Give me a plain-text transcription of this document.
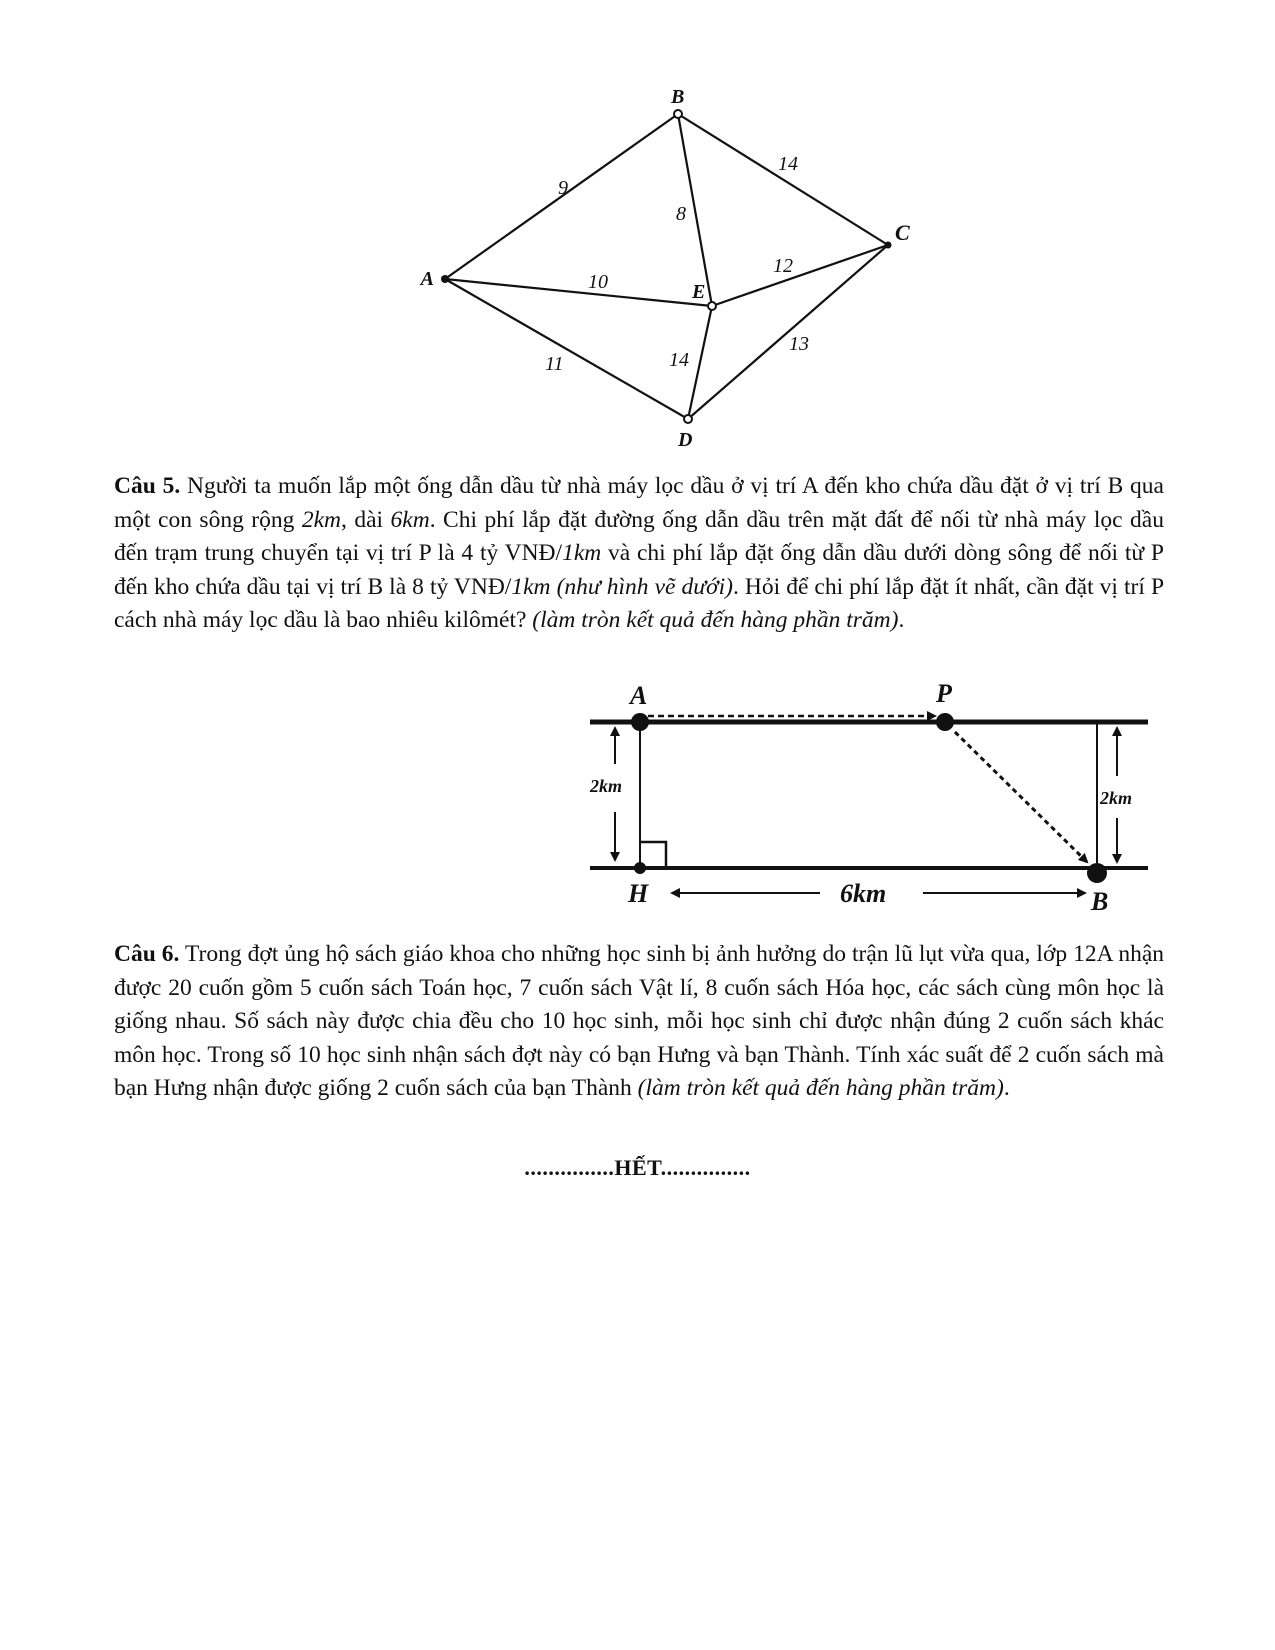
B
C
A
E
D
9
14
8
10
12
11	14
13
Câu 5. Người ta muốn lắp một ống dẫn dầu từ nhà máy lọc dầu ở vị trí A đến kho chứa dầu đặt ở vị trí B qua một con sông rộng 2km, dài 6km. Chi phí lắp đặt đường ống dẫn dầu trên mặt đất để nối từ nhà máy lọc dầu đến trạm trung chuyển tại vị trí P là 4 tỷ VNĐ/1km và chi phí lắp đặt ống dẫn dầu dưới dòng sông để nối từ P đến kho chứa dầu tại vị trí B là 8 tỷ VNĐ/1km (như hình vẽ dưới). Hỏi để chi phí lắp đặt ít nhất, cần đặt vị trí P cách nhà máy lọc dầu là bao nhiêu kilômét? (làm tròn kết quả đến hàng phần trăm).
A	P
H	B
2km
2km
6km
Câu 6. Trong đợt ủng hộ sách giáo khoa cho những học sinh bị ảnh hưởng do trận lũ lụt vừa qua, lớp 12A nhận được 20 cuốn gồm 5 cuốn sách Toán học, 7 cuốn sách Vật lí, 8 cuốn sách Hóa học, các sách cùng môn học là giống nhau. Số sách này được chia đều cho 10 học sinh, mỗi học sinh chỉ được nhận đúng 2 cuốn sách khác môn học. Trong số 10 học sinh nhận sách đợt này có bạn Hưng và bạn Thành. Tính xác suất để 2 cuốn sách mà bạn Hưng nhận được giống 2 cuốn sách của bạn Thành (làm tròn kết quả đến hàng phần trăm).
...............HẾT...............
